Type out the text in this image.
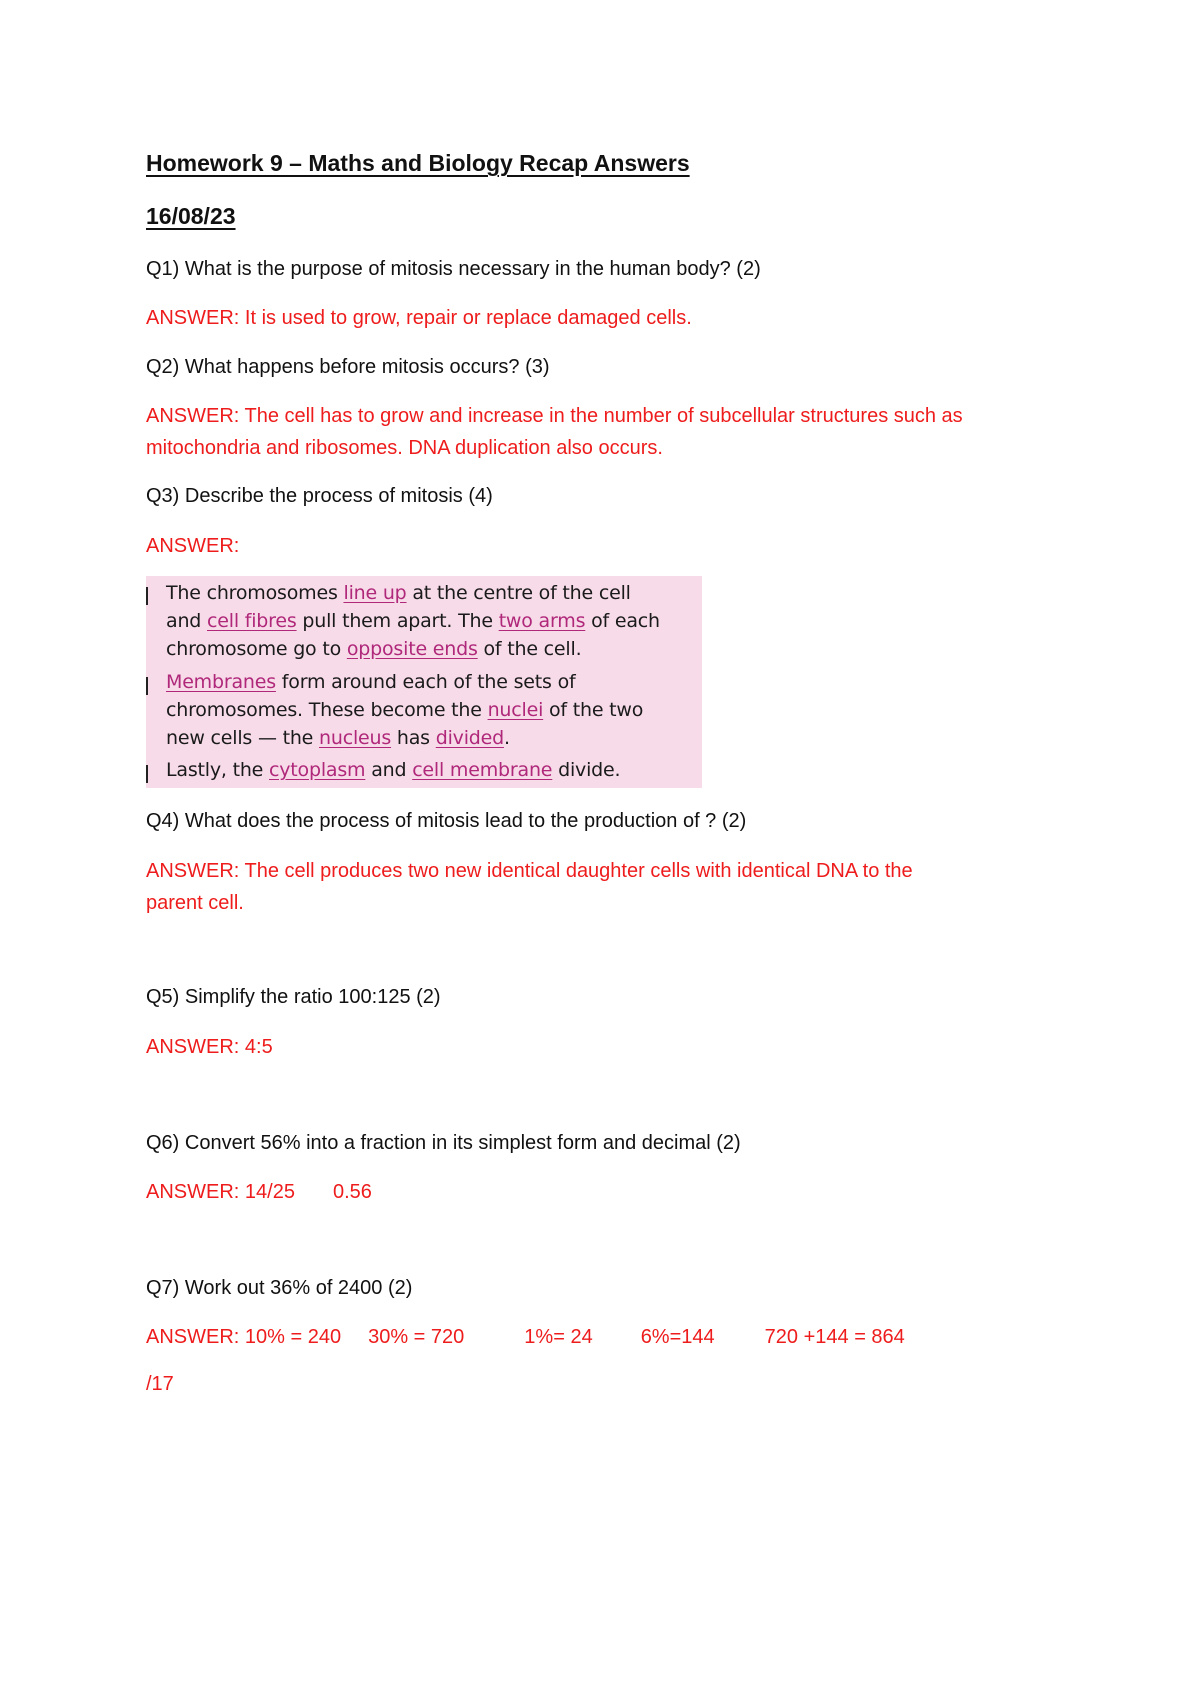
Homework 9 – Maths and Biology Recap Answers
16/08/23
Q1) What is the purpose of mitosis necessary in the human body? (2)
ANSWER: It is used to grow, repair or replace damaged cells.
Q2) What happens before mitosis occurs? (3)
ANSWER: The cell has to grow and increase in the number of subcellular structures such as
mitochondria and ribosomes. DNA duplication also occurs.
Q3) Describe the process of mitosis (4)
ANSWER:
The chromosomes line up at the centre of the cell
and cell fibres pull them apart. The two arms of each
chromosome go to opposite ends of the cell.
Membranes form around each of the sets of
chromosomes. These become the nuclei of the two
new cells — the nucleus has divided.
Lastly, the cytoplasm and cell membrane divide.
Q4) What does the process of mitosis lead to the production of ? (2)
ANSWER: The cell produces two new identical daughter cells with identical DNA to the
parent cell.
Q5) Simplify the ratio 100:125 (2)
ANSWER: 4:5
Q6) Convert 56% into a fraction in its simplest form and decimal (2)
ANSWER: 14/25 0.56
Q7) Work out 36% of 2400 (2)
ANSWER: 10% = 240 30% = 720	1%= 24 6%=144	720 +144 = 864
/17
